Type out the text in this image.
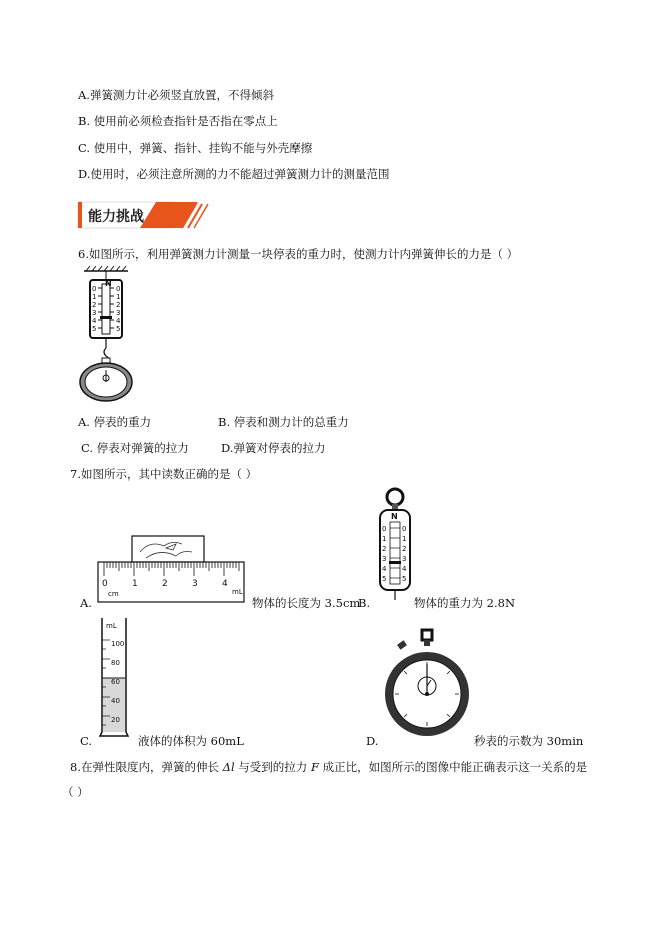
A.弹簧测力计必须竖直放置，不得倾斜
B. 使用前必须检查指针是否指在零点上
C. 使用中，弹簧、指针、挂钩不能与外壳摩擦
D.使用时，必须注意所测的力不能超过弹簧测力计的测量范围
能力挑战
6.如图所示，利用弹簧测力计测量一块停表的重力时，使测力计内弹簧伸长的力是（ ）
N
0
1
2
3
4
5
0
1
2
3
4
5
A. 停表的重力	B. 停表和测力计的总重力
C. 停表对弹簧的拉力	D.弹簧对停表的拉力
7.如图所示，其中读数正确的是（ ）
0	1	2	3	4
cm	mL
A.	物体的长度为 3.5cm
N
0
1
2
3
4
5
0
1
2
3
4
5
B.	物体的重力为 2.8N
mL
100
80
60
40
20
C.	液体的体积为 60mL	D.	秒表的示数为 30min
8.在弹性限度内，弹簧的伸长 Δl 与受到的拉力 F 成正比，如图所示的图像中能正确表示这一关系的是
（ ）
